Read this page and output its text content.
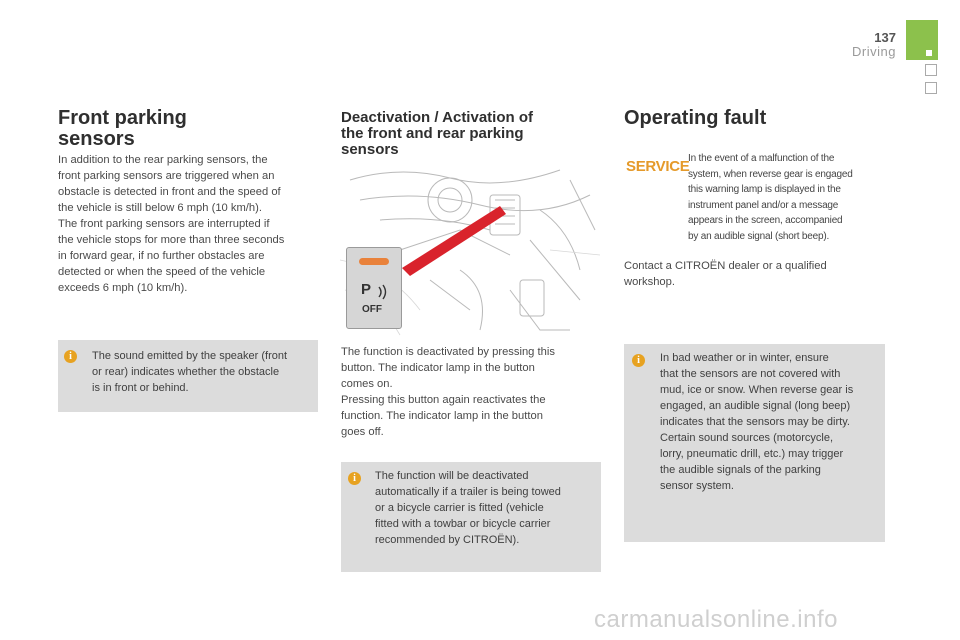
137
Driving
Front parking
sensors
In addition to the rear parking sensors, the
front parking sensors are triggered when an
obstacle is detected in front and the speed of
the vehicle is still below 6 mph (10 km/h).
The front parking sensors are interrupted if
the vehicle stops for more than three seconds
in forward gear, if no further obstacles are
detected or when the speed of the vehicle
exceeds 6 mph (10 km/h).
i	The sound emitted by the speaker (front
or rear) indicates whether the obstacle
is in front or behind.
Deactivation / Activation of
the front and rear parking
sensors
P
OFF
The function is deactivated by pressing this
button. The indicator lamp in the button
comes on.
Pressing this button again reactivates the
function. The indicator lamp in the button
goes off.
i	The function will be deactivated
automatically if a trailer is being towed
or a bicycle carrier is fitted (vehicle
fitted with a towbar or bicycle carrier
recommended by CITROËN).
Operating fault
SERVICE
In the event of a malfunction of the
system, when reverse gear is engaged
this warning lamp is displayed in the
instrument panel and/or a message
appears in the screen, accompanied
by an audible signal (short beep).
Contact a CITROËN dealer or a qualified
workshop.
i	In bad weather or in winter, ensure
that the sensors are not covered with
mud, ice or snow. When reverse gear is
engaged, an audible signal (long beep)
indicates that the sensors may be dirty.
Certain sound sources (motorcycle,
lorry, pneumatic drill, etc.) may trigger
the audible signals of the parking
sensor system.
carmanualsonline.info
